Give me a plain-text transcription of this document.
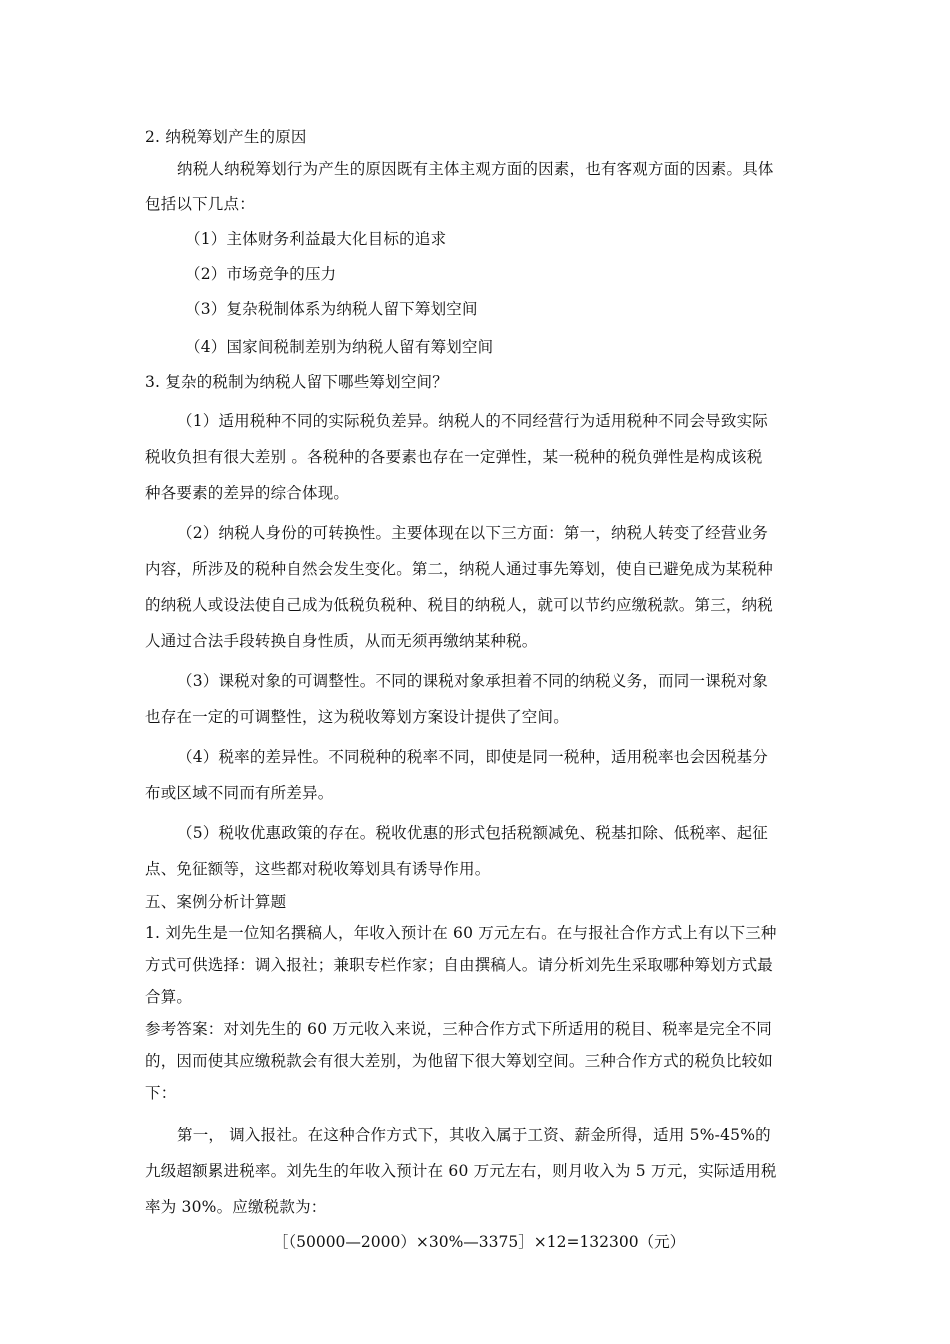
2. 纳税筹划产生的原因
纳税人纳税筹划行为产生的原因既有主体主观方面的因素，也有客观方面的因素。具体
包括以下几点：
（1）主体财务利益最大化目标的追求
（2）市场竞争的压力
（3）复杂税制体系为纳税人留下筹划空间
（4）国家间税制差别为纳税人留有筹划空间
3. 复杂的税制为纳税人留下哪些筹划空间？
（1）适用税种不同的实际税负差异。纳税人的不同经营行为适用税种不同会导致实际
税收负担有很大差别 。各税种的各要素也存在一定弹性，某一税种的税负弹性是构成该税
种各要素的差异的综合体现。
（2）纳税人身份的可转换性。主要体现在以下三方面：第一，纳税人转变了经营业务
内容，所涉及的税种自然会发生变化。第二，纳税人通过事先筹划，使自已避免成为某税种
的纳税人或设法使自己成为低税负税种、税目的纳税人，就可以节约应缴税款。第三，纳税
人通过合法手段转换自身性质，从而无须再缴纳某种税。
（3）课税对象的可调整性。不同的课税对象承担着不同的纳税义务，而同一课税对象
也存在一定的可调整性，这为税收筹划方案设计提供了空间。
（4）税率的差异性。不同税种的税率不同，即使是同一税种，适用税率也会因税基分
布或区域不同而有所差异。
（5）税收优惠政策的存在。税收优惠的形式包括税额减免、税基扣除、低税率、起征
点、免征额等，这些都对税收筹划具有诱导作用。
五、案例分析计算题
1. 刘先生是一位知名撰稿人，年收入预计在 60 万元左右。在与报社合作方式上有以下三种
方式可供选择：调入报社；兼职专栏作家；自由撰稿人。请分析刘先生采取哪种筹划方式最
合算。
参考答案：对刘先生的 60 万元收入来说，三种合作方式下所适用的税目、税率是完全不同
的，因而使其应缴税款会有很大差别，为他留下很大筹划空间。三种合作方式的税负比较如
下：
第一， 调入报社。在这种合作方式下，其收入属于工资、薪金所得，适用 5%-45%的
九级超额累进税率。刘先生的年收入预计在 60 万元左右，则月收入为 5 万元，实际适用税
率为 30%。应缴税款为：
［（50000—2000）×30%—3375］×12=132300（元）
